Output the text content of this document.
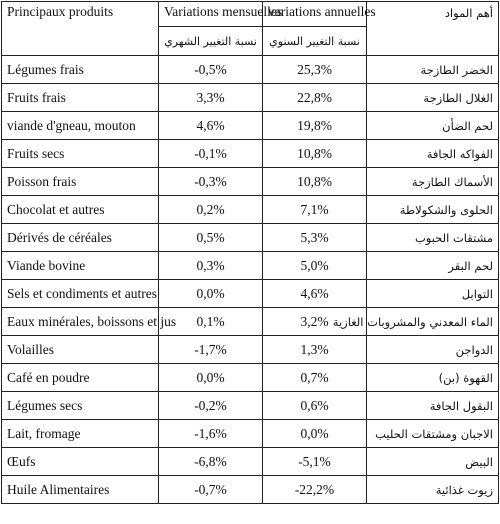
Principaux produits	Variations mensuelles	variations annuelles	أهم المواد
	نسبة التغيير الشهري	نسبة التغيير السنوي	
Légumes frais	-0,5%	25,3%	الخضر الطازجة
Fruits frais	3,3%	22,8%	الغلال الطازجة
viande d'gneau, mouton	4,6%	19,8%	لحم الضأن
Fruits secs	-0,1%	10,8%	الفواكه الجافة
Poisson frais	-0,3%	10,8%	الأسماك الطازجة
Chocolat et autres	0,2%	7,1%	الحلوى والشكولاطة
Dérivés de céréales	0,5%	5,3%	مشتقات الحبوب
Viande bovine	0,3%	5,0%	لحم البقر
Sels et condiments et autres	0,0%	4,6%	التوابل
Eaux minérales, boissons et jus	0,1%	3,2%	الماء المعدني والمشروبات الغازية
Volailles	-1,7%	1,3%	الدواجن
Café en poudre	0,0%	0,7%	القهوة (بن)
Légumes secs	-0,2%	0,6%	البقول الجافة
Lait, fromage	-1,6%	0,0%	الاجبان ومشتقات الحليب
Œufs	-6,8%	-5,1%	البيض
Huile Alimentaires	-0,7%	-22,2%	زيوت غذائية
